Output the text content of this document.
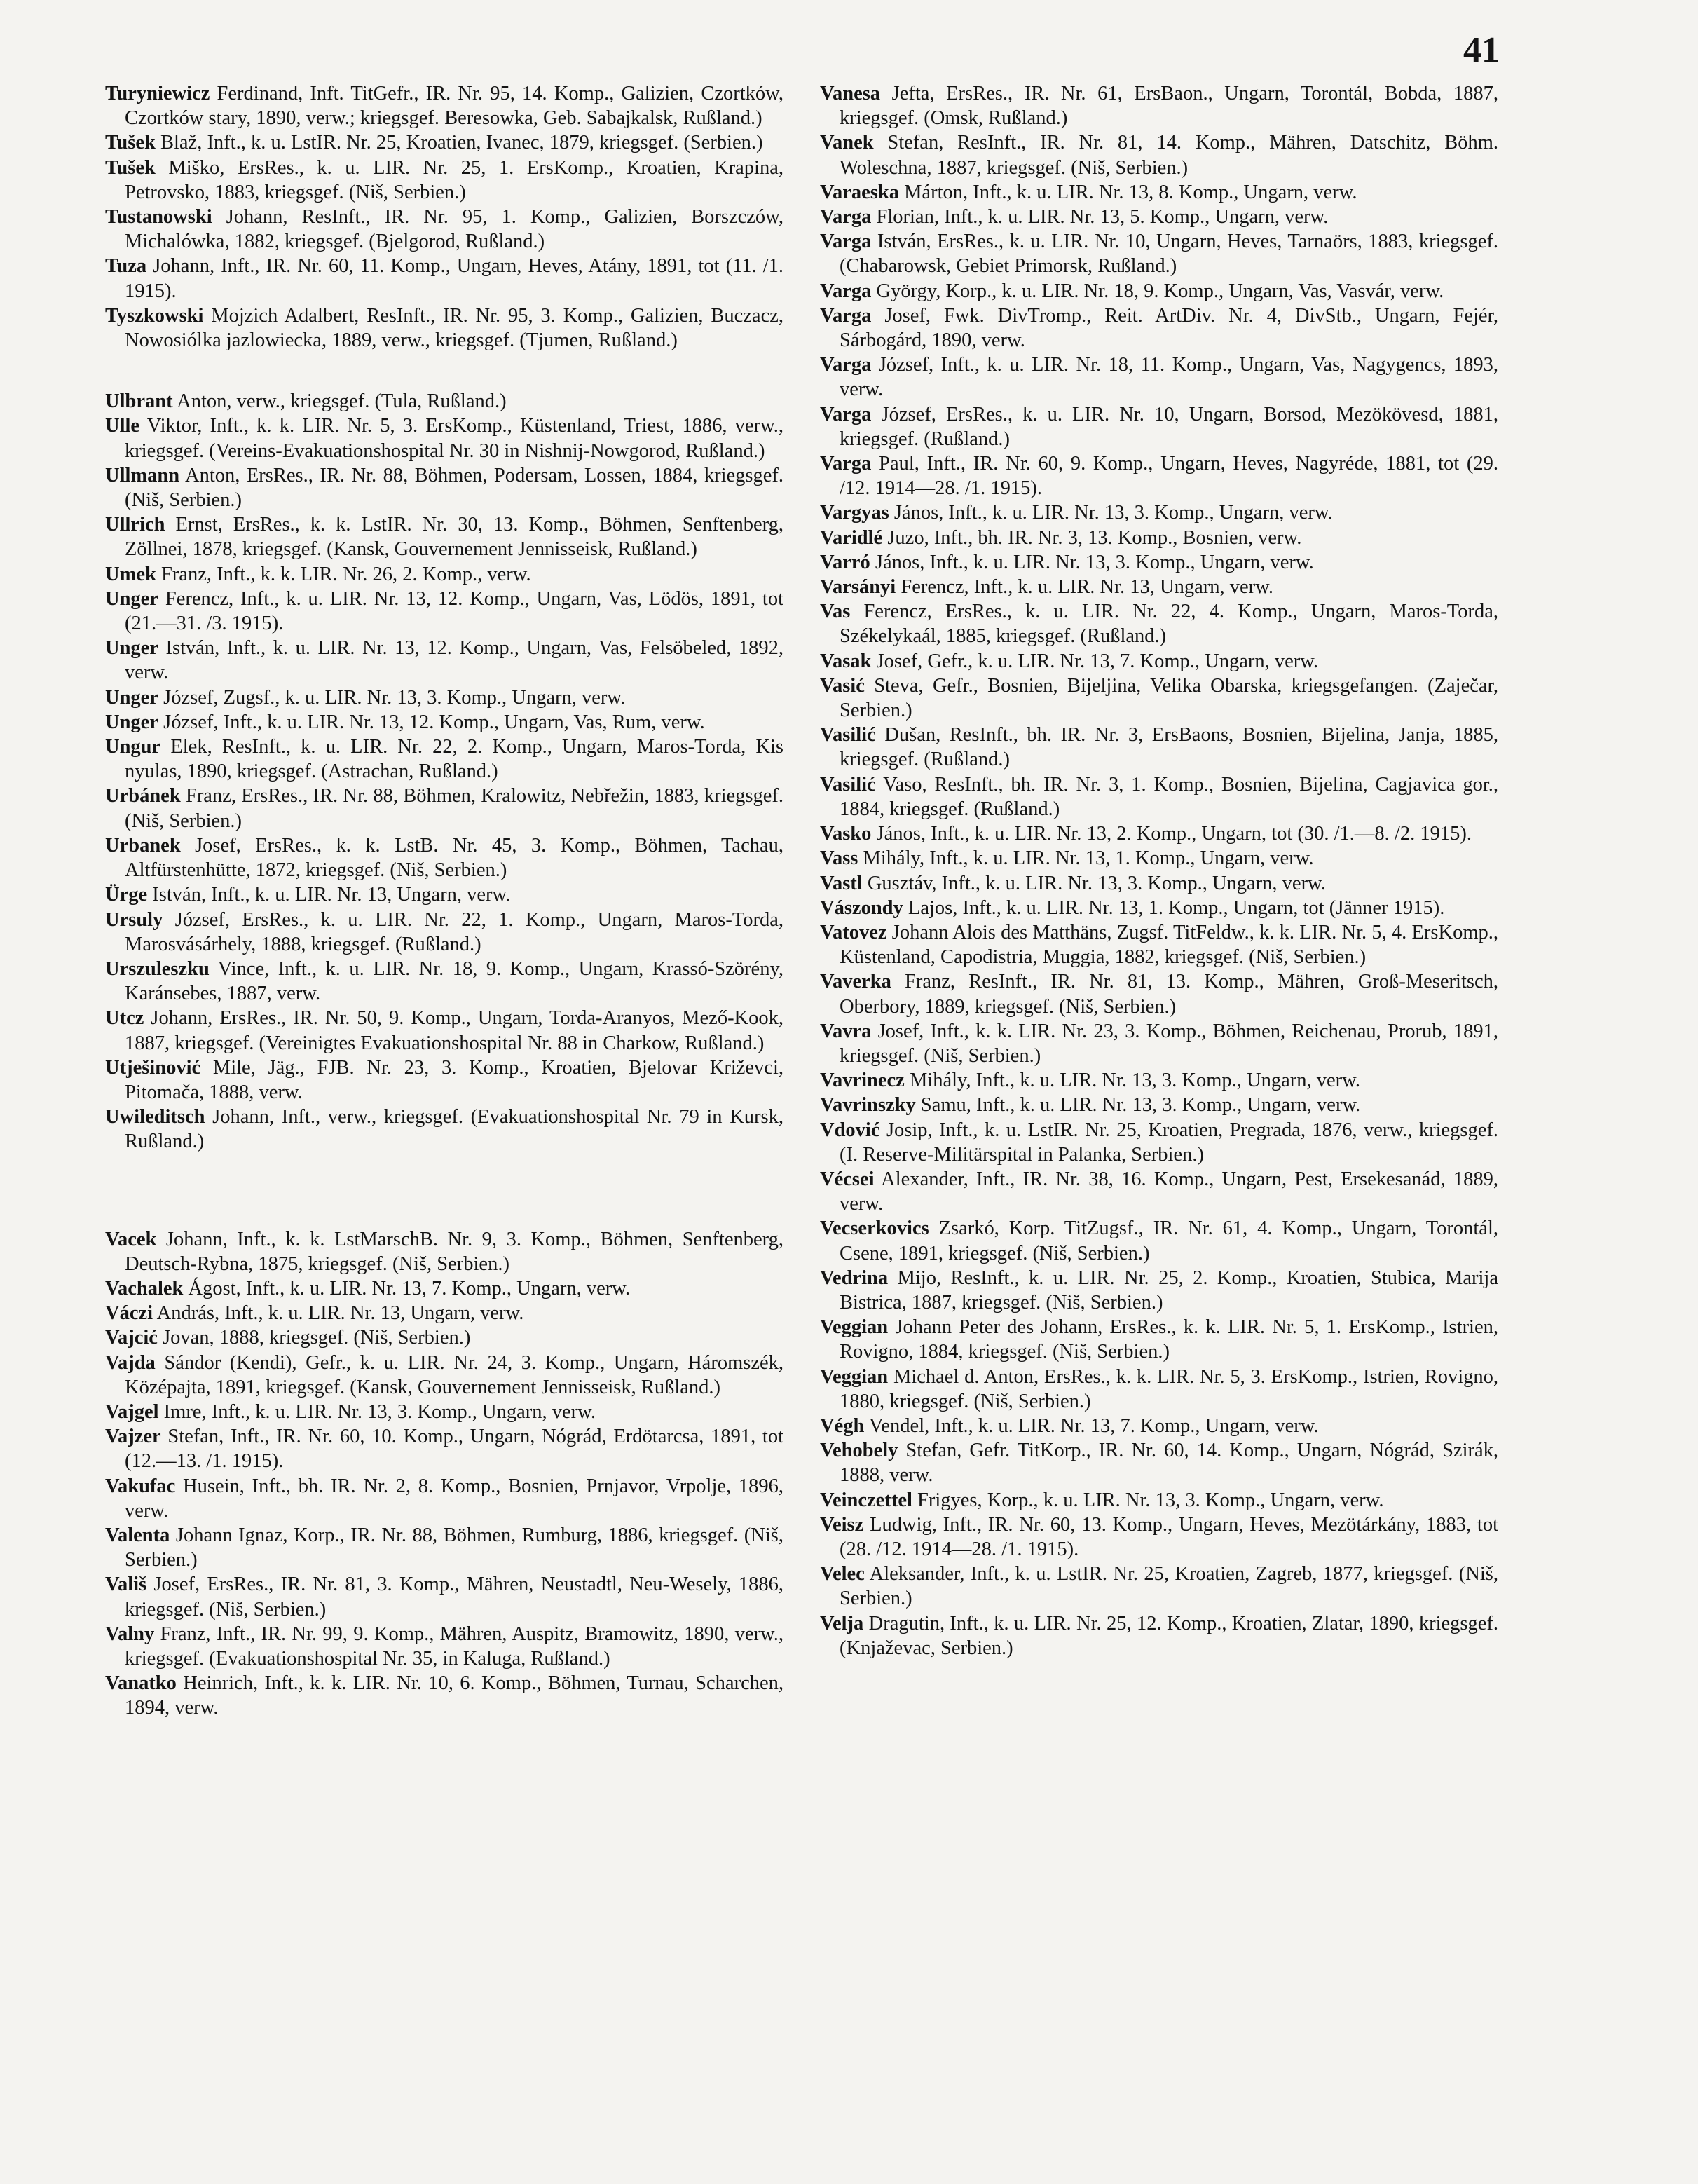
41

Turyniewicz Ferdinand, Inft. TitGefr., IR. Nr. 95, 14. Komp., Galizien, Czortków, Czortków stary, 1890, verw.; kriegsgef. Beresowka, Geb. Sabajkalsk, Rußland.)

Tušek Blaž, Inft., k. u. LstIR. Nr. 25, Kroatien, Ivanec, 1879, kriegsgef. (Serbien.)

Tušek Miško, ErsRes., k. u. LIR. Nr. 25, 1. ErsKomp., Kroatien, Krapina, Petrovsko, 1883, kriegsgef. (Niš, Serbien.)

Tustanowski Johann, ResInft., IR. Nr. 95, 1. Komp., Galizien, Borszczów, Michalówka, 1882, kriegsgef. (Bjelgorod, Rußland.)

Tuza Johann, Inft., IR. Nr. 60, 11. Komp., Ungarn, Heves, Atány, 1891, tot (11. /1. 1915).

Tyszkowski Mojzich Adalbert, ResInft., IR. Nr. 95, 3. Komp., Galizien, Buczacz, Nowosiólka jazlowiecka, 1889, verw., kriegsgef. (Tjumen, Rußland.)

Ulbrant Anton, verw., kriegsgef. (Tula, Rußland.)

Ulle Viktor, Inft., k. k. LIR. Nr. 5, 3. ErsKomp., Küstenland, Triest, 1886, verw., kriegsgef. (Vereins-Evakuationshospital Nr. 30 in Nishnij-Nowgorod, Rußland.)

Ullmann Anton, ErsRes., IR. Nr. 88, Böhmen, Podersam, Lossen, 1884, kriegsgef. (Niš, Serbien.)

Ullrich Ernst, ErsRes., k. k. LstIR. Nr. 30, 13. Komp., Böhmen, Senftenberg, Zöllnei, 1878, kriegsgef. (Kansk, Gouvernement Jennisseisk, Rußland.)

Umek Franz, Inft., k. k. LIR. Nr. 26, 2. Komp., verw.

Unger Ferencz, Inft., k. u. LIR. Nr. 13, 12. Komp., Ungarn, Vas, Lödös, 1891, tot (21.—31. /3. 1915).

Unger István, Inft., k. u. LIR. Nr. 13, 12. Komp., Ungarn, Vas, Felsöbeled, 1892, verw.

Unger József, Zugsf., k. u. LIR. Nr. 13, 3. Komp., Ungarn, verw.

Unger József, Inft., k. u. LIR. Nr. 13, 12. Komp., Ungarn, Vas, Rum, verw.

Ungur Elek, ResInft., k. u. LIR. Nr. 22, 2. Komp., Ungarn, Maros-Torda, Kis nyulas, 1890, kriegsgef. (Astrachan, Rußland.)

Urbánek Franz, ErsRes., IR. Nr. 88, Böhmen, Kralowitz, Nebřežin, 1883, kriegsgef. (Niš, Serbien.)

Urbanek Josef, ErsRes., k. k. LstB. Nr. 45, 3. Komp., Böhmen, Tachau, Altfürstenhütte, 1872, kriegsgef. (Niš, Serbien.)

Ürge István, Inft., k. u. LIR. Nr. 13, Ungarn, verw.

Ursuly József, ErsRes., k. u. LIR. Nr. 22, 1. Komp., Ungarn, Maros-Torda, Marosvásárhely, 1888, kriegsgef. (Rußland.)

Urszuleszku Vince, Inft., k. u. LIR. Nr. 18, 9. Komp., Ungarn, Krassó-Szörény, Karánsebes, 1887, verw.

Utcz Johann, ErsRes., IR. Nr. 50, 9. Komp., Ungarn, Torda-Aranyos, Mező-Kook, 1887, kriegsgef. (Vereinigtes Evakuationshospital Nr. 88 in Charkow, Rußland.)

Utješinović Mile, Jäg., FJB. Nr. 23, 3. Komp., Kroatien, Bjelovar Križevci, Pitomača, 1888, verw.

Uwileditsch Johann, Inft., verw., kriegsgef. (Evakuationshospital Nr. 79 in Kursk, Rußland.)

Vacek Johann, Inft., k. k. LstMarschB. Nr. 9, 3. Komp., Böhmen, Senftenberg, Deutsch-Rybna, 1875, kriegsgef. (Niš, Serbien.)

Vachalek Ágost, Inft., k. u. LIR. Nr. 13, 7. Komp., Ungarn, verw.

Váczi András, Inft., k. u. LIR. Nr. 13, Ungarn, verw.

Vajcić Jovan, 1888, kriegsgef. (Niš, Serbien.)

Vajda Sándor (Kendi), Gefr., k. u. LIR. Nr. 24, 3. Komp., Ungarn, Háromszék, Középajta, 1891, kriegsgef. (Kansk, Gouvernement Jennisseisk, Rußland.)

Vajgel Imre, Inft., k. u. LIR. Nr. 13, 3. Komp., Ungarn, verw.

Vajzer Stefan, Inft., IR. Nr. 60, 10. Komp., Ungarn, Nógrád, Erdötarcsa, 1891, tot (12.—13. /1. 1915).

Vakufac Husein, Inft., bh. IR. Nr. 2, 8. Komp., Bosnien, Prnjavor, Vrpolje, 1896, verw.

Valenta Johann Ignaz, Korp., IR. Nr. 88, Böhmen, Rumburg, 1886, kriegsgef. (Niš, Serbien.)

Vališ Josef, ErsRes., IR. Nr. 81, 3. Komp., Mähren, Neustadtl, Neu-Wesely, 1886, kriegsgef. (Niš, Serbien.)

Valny Franz, Inft., IR. Nr. 99, 9. Komp., Mähren, Auspitz, Bramowitz, 1890, verw., kriegsgef. (Evakuationshospital Nr. 35, in Kaluga, Rußland.)

Vanatko Heinrich, Inft., k. k. LIR. Nr. 10, 6. Komp., Böhmen, Turnau, Scharchen, 1894, verw.

Vanesa Jefta, ErsRes., IR. Nr. 61, ErsBaon., Ungarn, Torontál, Bobda, 1887, kriegsgef. (Omsk, Rußland.)

Vanek Stefan, ResInft., IR. Nr. 81, 14. Komp., Mähren, Datschitz, Böhm. Woleschna, 1887, kriegsgef. (Niš, Serbien.)

Varaeska Márton, Inft., k. u. LIR. Nr. 13, 8. Komp., Ungarn, verw.

Varga Florian, Inft., k. u. LIR. Nr. 13, 5. Komp., Ungarn, verw.

Varga István, ErsRes., k. u. LIR. Nr. 10, Ungarn, Heves, Tarnaörs, 1883, kriegsgef. (Chabarowsk, Gebiet Primorsk, Rußland.)

Varga György, Korp., k. u. LIR. Nr. 18, 9. Komp., Ungarn, Vas, Vasvár, verw.

Varga Josef, Fwk. DivTromp., Reit. ArtDiv. Nr. 4, DivStb., Ungarn, Fejér, Sárbogárd, 1890, verw.

Varga József, Inft., k. u. LIR. Nr. 18, 11. Komp., Ungarn, Vas, Nagygencs, 1893, verw.

Varga József, ErsRes., k. u. LIR. Nr. 10, Ungarn, Borsod, Mezökövesd, 1881, kriegsgef. (Rußland.)

Varga Paul, Inft., IR. Nr. 60, 9. Komp., Ungarn, Heves, Nagyréde, 1881, tot (29. /12. 1914—28. /1. 1915).

Vargyas János, Inft., k. u. LIR. Nr. 13, 3. Komp., Ungarn, verw.

Varidlé Juzo, Inft., bh. IR. Nr. 3, 13. Komp., Bosnien, verw.

Varró János, Inft., k. u. LIR. Nr. 13, 3. Komp., Ungarn, verw.

Varsányi Ferencz, Inft., k. u. LIR. Nr. 13, Ungarn, verw.

Vas Ferencz, ErsRes., k. u. LIR. Nr. 22, 4. Komp., Ungarn, Maros-Torda, Székelykaál, 1885, kriegsgef. (Rußland.)

Vasak Josef, Gefr., k. u. LIR. Nr. 13, 7. Komp., Ungarn, verw.

Vasić Steva, Gefr., Bosnien, Bijeljina, Velika Obarska, kriegsgefangen. (Zaječar, Serbien.)

Vasilić Dušan, ResInft., bh. IR. Nr. 3, ErsBaons, Bosnien, Bijelina, Janja, 1885, kriegsgef. (Rußland.)

Vasilić Vaso, ResInft., bh. IR. Nr. 3, 1. Komp., Bosnien, Bijelina, Cagjavica gor., 1884, kriegsgef. (Rußland.)

Vasko János, Inft., k. u. LIR. Nr. 13, 2. Komp., Ungarn, tot (30. /1.—8. /2. 1915).

Vass Mihály, Inft., k. u. LIR. Nr. 13, 1. Komp., Ungarn, verw.

Vastl Gusztáv, Inft., k. u. LIR. Nr. 13, 3. Komp., Ungarn, verw.

Vászondy Lajos, Inft., k. u. LIR. Nr. 13, 1. Komp., Ungarn, tot (Jänner 1915).

Vatovez Johann Alois des Matthäns, Zugsf. TitFeldw., k. k. LIR. Nr. 5, 4. ErsKomp., Küstenland, Capodistria, Muggia, 1882, kriegsgef. (Niš, Serbien.)

Vaverka Franz, ResInft., IR. Nr. 81, 13. Komp., Mähren, Groß-Meseritsch, Oberbory, 1889, kriegsgef. (Niš, Serbien.)

Vavra Josef, Inft., k. k. LIR. Nr. 23, 3. Komp., Böhmen, Reichenau, Prorub, 1891, kriegsgef. (Niš, Serbien.)

Vavrinecz Mihály, Inft., k. u. LIR. Nr. 13, 3. Komp., Ungarn, verw.

Vavrinszky Samu, Inft., k. u. LIR. Nr. 13, 3. Komp., Ungarn, verw.

Vdović Josip, Inft., k. u. LstIR. Nr. 25, Kroatien, Pregrada, 1876, verw., kriegsgef. (I. Reserve-Militärspital in Palanka, Serbien.)

Vécsei Alexander, Inft., IR. Nr. 38, 16. Komp., Ungarn, Pest, Ersekesanád, 1889, verw.

Vecserkovics Zsarkó, Korp. TitZugsf., IR. Nr. 61, 4. Komp., Ungarn, Torontál, Csene, 1891, kriegsgef. (Niš, Serbien.)

Vedrina Mijo, ResInft., k. u. LIR. Nr. 25, 2. Komp., Kroatien, Stubica, Marija Bistrica, 1887, kriegsgef. (Niš, Serbien.)

Veggian Johann Peter des Johann, ErsRes., k. k. LIR. Nr. 5, 1. ErsKomp., Istrien, Rovigno, 1884, kriegsgef. (Niš, Serbien.)

Veggian Michael d. Anton, ErsRes., k. k. LIR. Nr. 5, 3. ErsKomp., Istrien, Rovigno, 1880, kriegsgef. (Niš, Serbien.)

Végh Vendel, Inft., k. u. LIR. Nr. 13, 7. Komp., Ungarn, verw.

Vehobely Stefan, Gefr. TitKorp., IR. Nr. 60, 14. Komp., Ungarn, Nógrád, Szirák, 1888, verw.

Veinczettel Frigyes, Korp., k. u. LIR. Nr. 13, 3. Komp., Ungarn, verw.

Veisz Ludwig, Inft., IR. Nr. 60, 13. Komp., Ungarn, Heves, Mezötárkány, 1883, tot (28. /12. 1914—28. /1. 1915).

Velec Aleksander, Inft., k. u. LstIR. Nr. 25, Kroatien, Zagreb, 1877, kriegsgef. (Niš, Serbien.)

Velja Dragutin, Inft., k. u. LIR. Nr. 25, 12. Komp., Kroatien, Zlatar, 1890, kriegsgef. (Knjaževac, Serbien.)
